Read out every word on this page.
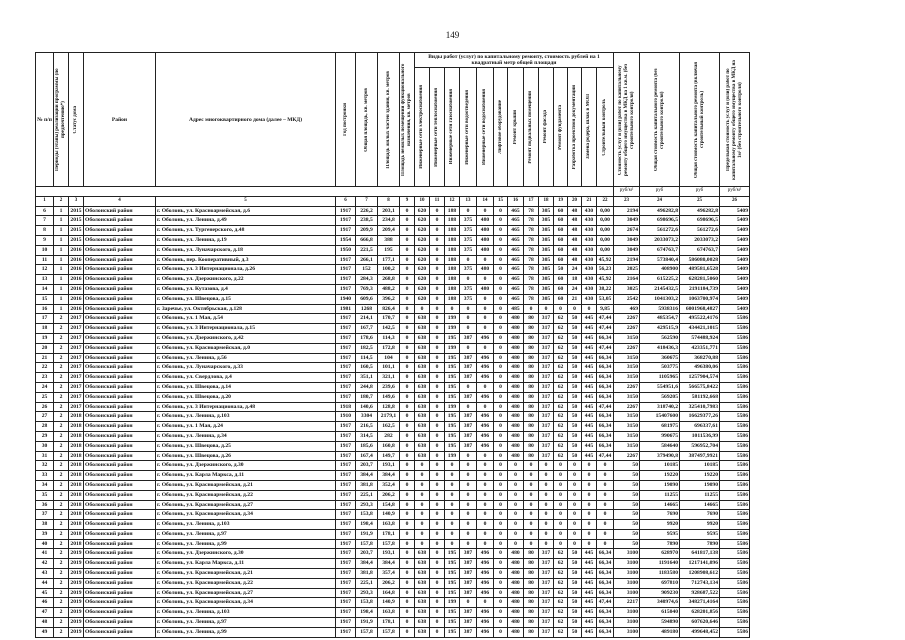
149
№ п/п	Периоды (этапы) реализации программы (по предпочтению*)	Статус дома	Район	Адрес многоквартирного дома (далее – МКД)	Год постройки	Общая площадь, кв. метров	Площадь жилых частей здания, кв. метров	Площадь нежилых помещений функционального назначения, кв. метров	Виды работ (услуг) по капитальному ремонту, стоимость рублей на 1 квадратный метр общей площади													Стоимость услуг и (или) работ по капитальному ремонту общего имущества в МКД на 1 кв.м. (без строительного контроля)	Общая стоимость капитального ремонта (без строительного контроля)	Общая стоимость капитального ремонта (включая строительный контроль)	Предельная стоимость услуг и (или) работ по капитальному ремонту общего имущества в МКД на 1м² (без строительного контроля)

									Инженерные сети электроснабжения	Инженерные сети теплоснабжения	Инженерные сети газоснабжения	Инженерные сети водоотведения	Инженерные сети водоснабжения	Лифтовое оборудование	Ремонт крыши	Ремонт подвальных помещений	Ремонт фасада	Ремонт фундамента	Разработка проектной документации	Замена родера, шлак в МОП	Строительный контроль				

																						руб/м²	руб	руб	руб/м²
1	2	3	4	5	6	7	8	9	10	11	12	13	14	15	16	17	18	19	20	21	22	23	24	25	26
6	1	2015	Оболонский район	г. Оболонь, ул. Красноармейская, д.6	1917	226,2	203,1	0	620	0	188	0	0	0	465	78	305	60	48	430	0,00	2194	496282,8	496282,8	5409
7	1	2015	Оболонский район	г. Оболонь, ул. Ленина, д.49	1917	238,5	234,8	0	620	0	188	375	480	0	465	78	305	60	48	430	0,00	3049	698696,5	698696,5	5409
8	1	2015	Оболонский район	г. Оболонь, ул. Тургенерского, д.48	1917	209,9	209,4	0	620	0	188	375	480	0	465	78	305	60	48	430	0,00	2674	561272,6	561272,6	5409
9	1	2015	Оболонский район	г. Оболонь, ул. Ленина, д.19	1954	666,8	388	0	620	0	188	375	480	0	465	78	305	60	48	430	0,00	3049	2033073,2	2033073,2	5409
10	1	2016	Оболонский район	г. Оболонь, ул. Луначарского, д.18	1950	221,5	195	0	620	0	188	375	480	0	465	78	305	60	48	430	0,00	3049	674763,7	674763,7	5409
11	1	2016	Оболонский район	г. Оболонь, пер. Кооперативный, д.3	1917	266,1	177,1	0	620	0	188	0	0	0	465	78	305	60	48	430	45,92	2194	573840,4	586080,0028	5409
12	1	2016	Оболонский район	г. Оболонь, ул. 3 Интернационала, д.26	1917	152	100,2	0	620	0	188	375	480	0	465	78	305	50	24	430	56,23	2025	408900	489581,6528	5409
13	1	2016	Оболонский район	г. Оболонь, ул. Дзержинского, д.22	1917	284,3	268,8	0	620	0	188	0	0	0	465	78	305	60	18	430	45,92	2164	615225,2	628281,5060	5409
14	1	2016	Оболонский район	г. Оболонь, ул. Кутазова, д.4	1917	769,3	488,2	0	620	0	188	375	480	0	465	78	305	60	24	430	38,22	3025	2145432,5	2191184,739	5409
15	1	2016	Оболонский район	г. Оболонь, ул. Швецова, д.15	1940	609,6	396,2	0	620	0	188	375	0	0	465	78	305	60	21	430	53,05	2542	1041303,2	1063700,974	5409
16	1	2016	Оболонский район	г. Заречье, ул. Октябрьская, д.128	1981	1268	826,4	0	0	0	0	0	0	0	485	0	0	0	0	0	9,85	469	5938316	6001968,4827	5409
17	2	2017	Оболонский район	г. Оболонь, ул. 1 Мая, д.54	1917	214,1	170,7	0	638	0	199	0	0	0	480	80	317	62	50	445	47,44	2267	485354,7	495522,4176	5586
18	2	2017	Оболонский район	г. Оболонь, ул. 3 Интернационала, д.15	1917	167,7	142,5	0	638	0	199	0	0	0	480	80	317	62	50	445	47,44	2267	429515,9	434421,1015	5586
19	2	2017	Оболонский район	г. Оболонь, ул. Дзержинского, д.42	1917	178,6	114,3	0	638	0	195	387	496	0	480	80	317	62	50	445	66,34	3150	562590	574488,924	5586
20	2	2017	Оболонский район	г. Оболонь, ул. Красноармейская, д.0	1917	182,5	172,8	0	638	0	199	0	0	0	480	80	317	62	50	445	47,44	2267	418436,3	423351,771	5586
21	2	2017	Оболонский район	г. Оболонь, ул. Ленина, д.56	1917	114,5	104	0	638	0	195	387	496	0	480	80	317	62	50	445	66,34	3150	360675	368270,88	5586
22	2	2017	Оболонский район	г. Оболонь, ул. Луначарского, д.33	1917	160,5	101,1	0	638	0	195	387	496	0	480	80	317	62	50	445	66,34	3150	503775	496380,06	5586
23	2	2017	Оболонский район	г. Оболонь, ул. Свердлова, д.4	1917	351,1	321,1	0	638	0	195	387	496	0	480	80	317	62	50	445	66,34	3150	1105965	1257904,574	5586
24	2	2017	Оболонский район	г. Оболонь, ул. Швецова, д.14	1917	244,8	239,6	0	638	0	195	0	0	0	480	80	317	62	50	445	66,34	2267	554951,6	566575,8422	5586
25	2	2017	Оболонский район	г. Оболонь, ул. Швецова, д.20	1917	180,7	149,6	0	638	0	195	387	496	0	480	80	317	62	50	445	66,34	3150	569205	581192,668	5586
26	2	2017	Оболонский район	г. Оболонь, ул. 3 Интернационала, д.48	1918	140,6	128,8	0	638	0	199	0	0	0	480	80	317	62	50	445	47,44	2267	318740,2	325410,7983	5586
27	2	2018	Оболонский район	г. Оболонь, ул. Ленина, д.103	1910	3304	2179,1	0	638	0	195	387	496	0	480	80	317	62	50	445	66,34	3150	15407600	16629377,26	5586
28	2	2018	Оболонский район	г. Оболонь, ул. 1 Мая, д.24	1917	216,5	162,5	0	638	0	195	387	496	0	480	80	317	62	50	445	66,34	3150	681975	696337,61	5586
29	2	2018	Оболонский район	г. Оболонь, ул. Ленина, д.34	1917	314,5	282	0	638	0	195	387	496	0	480	80	317	62	50	445	66,34	3150	990675	1011536,99	5586
30	2	2018	Оболонский район	г. Оболонь, ул. Швецова, д.25	1917	185,6	160,8	0	638	0	195	387	496	0	480	80	317	62	50	445	66,34	3150	584640	596952,704	5586
31	2	2018	Оболонский район	г. Оболонь, ул. Швецова, д.26	1917	167,4	149,7	0	638	0	199	0	0	0	480	80	317	62	50	445	47,44	2267	379490,8	387497,9921	5586
32	2	2018	Оболонский район	г. Оболонь, ул. Дзержинского, д.30	1917	203,7	193,1	0	0	0	0	0	0	0	0	0	0	0	0	0	0	50	10185	10185	5586
33	2	2018	Оболонский район	г. Оболонь, ул. Карла Маркса, д.11	1917	384,4	384,4	0	0	0	0	0	0	0	0	0	0	0	0	0	0	50	19220	19220	5586
34	2	2018	Оболонский район	г. Оболонь, ул. Красноармейская, д.21	1917	381,8	352,4	0	0	0	0	0	0	0	0	0	0	0	0	0	0	50	19090	19090	5586
35	2	2018	Оболонский район	г. Оболонь, ул. Красноармейская, д.22	1917	225,1	206,2	0	0	0	0	0	0	0	0	0	0	0	0	0	0	50	11255	11255	5586
36	2	2018	Оболонский район	г. Оболонь, ул. Красноармейская, д.27	1917	293,3	154,8	0	0	0	0	0	0	0	0	0	0	0	0	0	0	50	14665	14665	5586
37	2	2018	Оболонский район	г. Оболонь, ул. Красноармейская, д.34	1917	153,8	140,9	0	0	0	0	0	0	0	0	0	0	0	0	0	0	50	7690	7690	5586
38	2	2018	Оболонский район	г. Оболонь, ул. Ленина, д.103	1917	198,4	163,8	0	0	0	0	0	0	0	0	0	0	0	0	0	0	50	9920	9920	5586
39	2	2018	Оболонский район	г. Оболонь, ул. Ленина, д.97	1917	191,9	178,1	0	0	0	0	0	0	0	0	0	0	0	0	0	0	50	9595	9595	5586
40	2	2018	Оболонский район	г. Оболонь, ул. Ленина, д.99	1917	157,8	157,8	0	0	0	0	0	0	0	0	0	0	0	0	0	0	50	7890	7890	5586
41	2	2019	Оболонский район	г. Оболонь, ул. Дзержинского, д.30	1917	203,7	193,1	0	638	0	195	387	496	0	480	80	317	62	50	445	66,34	3100	628970	641817,138	5586
42	2	2019	Оболонский район	г. Оболонь, ул. Карла Маркса, д.11	1917	384,4	384,4	0	638	0	195	387	496	0	480	80	317	62	50	445	66,34	3100	1191640	1217141,096	5586
43	2	2019	Оболонский район	г. Оболонь, ул. Красноармейская, д.21	1917	381,8	357,4	0	638	0	195	387	496	0	480	80	317	62	50	445	66,34	3100	1183580	1208908,612	5586
44	2	2019	Оболонский район	г. Оболонь, ул. Красноармейская, д.22	1917	225,1	206,2	0	638	0	195	387	496	0	480	80	317	62	50	445	66,34	3100	697810	712743,134	5586
45	2	2019	Оболонский район	г. Оболонь, ул. Красноармейская, д.27	1917	293,3	164,8	0	638	0	195	387	496	0	480	80	317	62	50	445	66,34	3100	909230	928687,522	5586
46	2	2019	Оболонский район	г. Оболонь, ул. Красноармейская, д.34	1917	153,8	140,9	0	638	0	199	0	0	0	480	80	317	62	50	445	47,44	2217	340974,6	348271,4164	5586
47	2	2019	Оболонский район	г. Оболонь, ул. Ленина, д.103	1917	198,4	163,8	0	638	0	195	387	496	0	480	80	317	62	50	445	66,34	3100	615040	628201,856	5586
48	2	2019	Оболонский район	г. Оболонь, ул. Ленина, д.97	1917	191,9	178,1	0	638	0	195	387	496	0	480	80	317	62	50	445	66,34	3100	594890	607620,646	5586
49	2	2019	Оболонский район	г. Оболонь, ул. Ленина, д.99	1917	157,8	157,8	0	638	0	195	387	496	0	480	80	317	62	50	445	66,34	3100	489180	499648,452	5586
